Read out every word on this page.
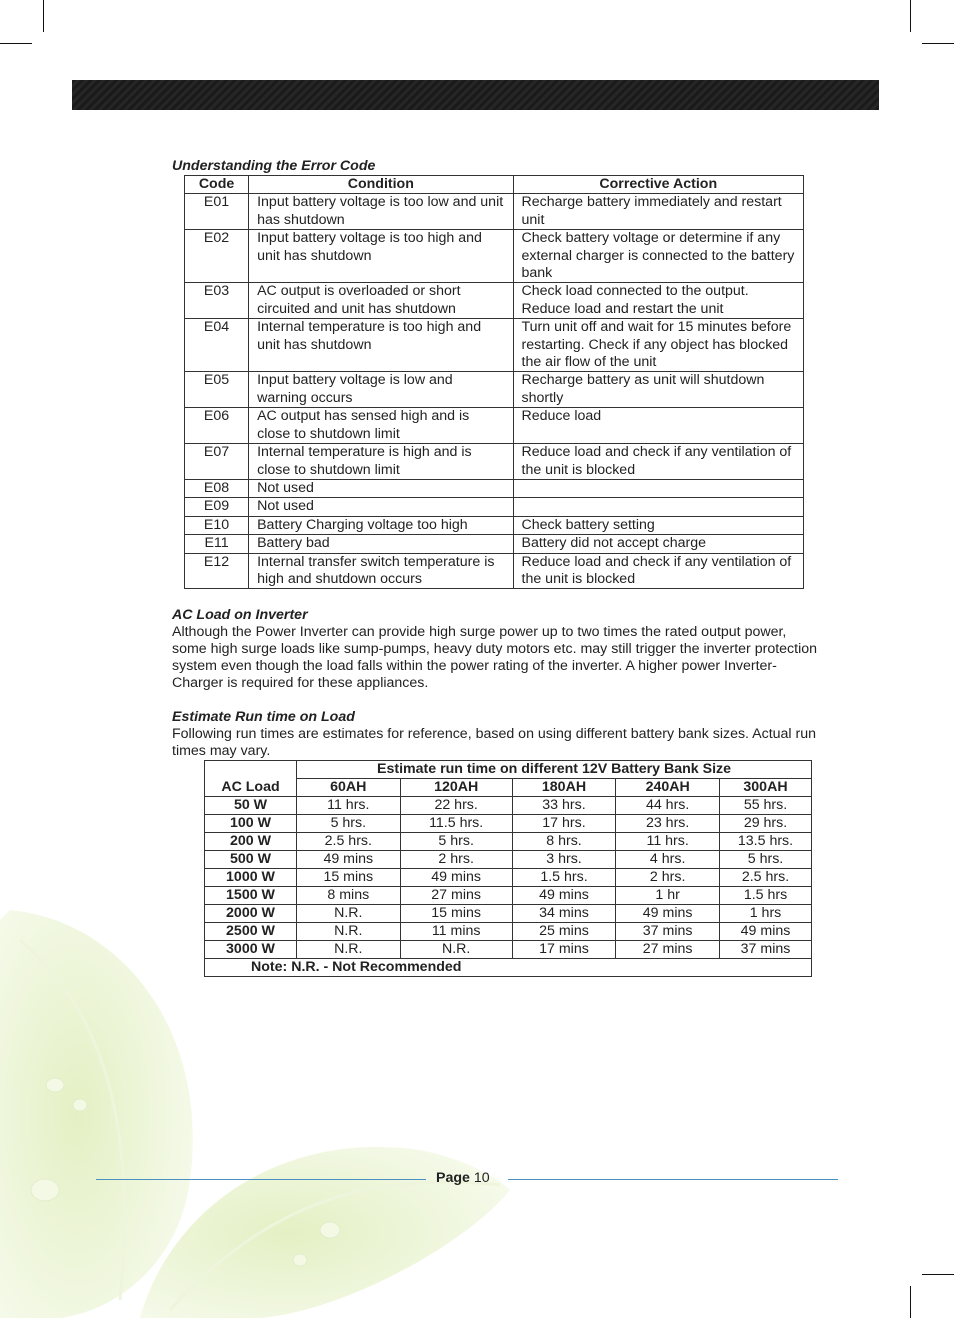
Understanding the Error Code
Code	Condition	Corrective Action
E01	Input battery voltage is too low and unit has shutdown	Recharge battery immediately and restart unit
E02	Input battery voltage is too high and unit has shutdown	Check battery voltage or determine if any external charger is connected to the battery bank
E03	AC output is overloaded or short circuited and unit has shutdown	Check load connected to the output. Reduce load and restart the unit
E04	Internal temperature is too high and unit has shutdown	Turn unit off and wait for 15 minutes before restarting. Check if any object has blocked the air flow of the unit
E05	Input battery voltage is low and warning occurs	Recharge battery as unit will shutdown shortly
E06	AC output has sensed high and is close to shutdown limit	Reduce load
E07	Internal temperature is high and is close to shutdown limit	Reduce load and check if any ventilation of the unit is blocked
E08	Not used	
E09	Not used	
E10	Battery Charging voltage too high	Check battery setting
E11	Battery bad	Battery did not accept charge
E12	Internal transfer switch temperature is high and shutdown occurs	Reduce load and check if any ventilation of the unit is blocked
AC Load on Inverter

Although the Power Inverter can provide high surge power up to two times the rated output power, some high surge loads like sump-pumps, heavy duty motors etc. may still trigger the inverter protection system even though the load falls within the power rating of the inverter. A higher power Inverter-Charger is required for these appliances.

Estimate Run time on Load

Following run times are estimates for reference, based on using different battery bank sizes. Actual run times may vary.

AC Load	Estimate run time on different 12V Battery Bank Size				
	60AH	120AH	180AH	240AH	300AH
50 W	11 hrs.	22 hrs.	33 hrs.	44 hrs.	55 hrs.
100 W	5 hrs.	11.5 hrs.	17 hrs.	23 hrs.	29 hrs.
200 W	2.5 hrs.	5 hrs.	8 hrs.	11 hrs.	13.5 hrs.
500 W	49 mins	2 hrs.	3 hrs.	4 hrs.	5 hrs.
1000 W	15 mins	49 mins	1.5 hrs.	2 hrs.	2.5 hrs.
1500 W	8 mins	27 mins	49 mins	1 hr	1.5 hrs
2000 W	N.R.	15 mins	34 mins	49 mins	1 hrs
2500 W	N.R.	11 mins	25 mins	37 mins	49 mins
3000 W	N.R.	N.R.	17 mins	27 mins	37 mins
Note: N.R. - Not Recommended					
Page 10
